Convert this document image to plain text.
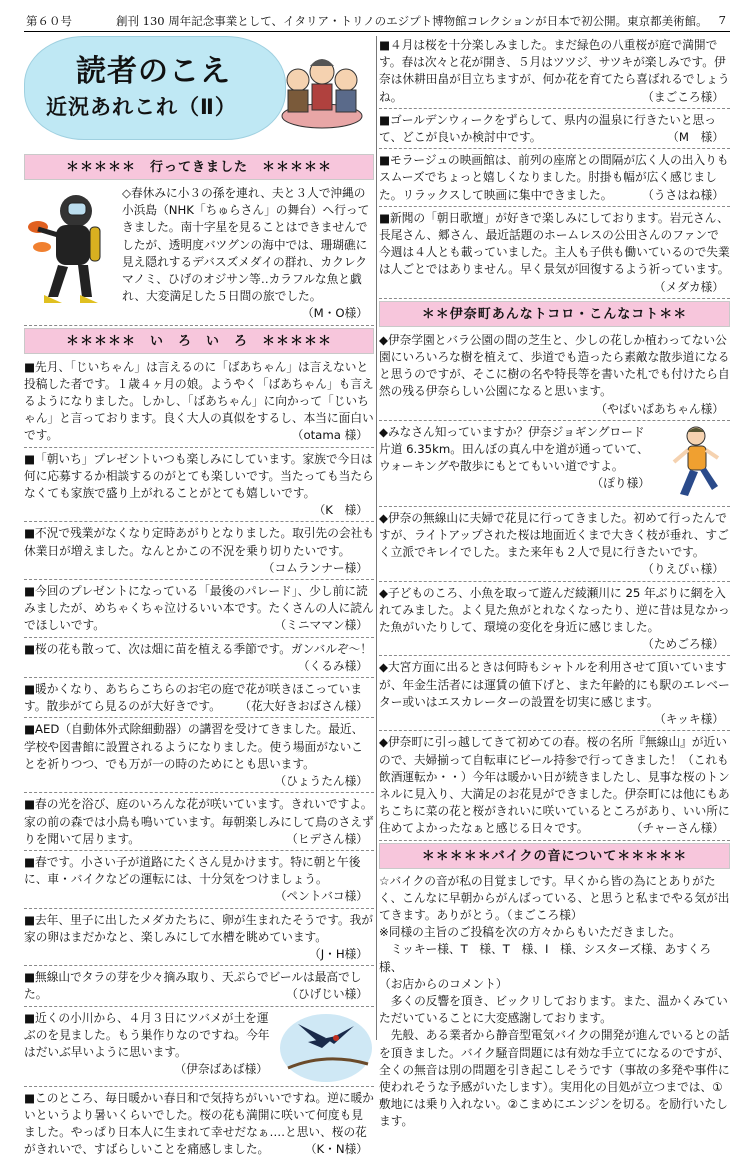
第６０号	創刊 130 周年記念事業として、イタリア・トリノのエジプト博物館コレクションが日本で初公開。東京都美術館。 7
読者のこえ
近況あれこれ（Ⅱ）
＊＊＊＊＊　行ってきました　＊＊＊＊＊
◇春休みに小３の孫を連れ、夫と３人で沖縄の小浜島（NHK「ちゅらさん」の舞台）へ行ってきました。南十字星を見ることはできませんでしたが、透明度バツグンの海中では、珊瑚礁に見え隠れするデバスズメダイの群れ、カクレクマノミ、ひげのオジサン等‥カラフルな魚と戯れ、大変満足した５日間の旅でした。
（M・O様）
＊＊＊＊＊　い　ろ　い　ろ　＊＊＊＊＊
■先月、「じいちゃん」は言えるのに「ばあちゃん」は言えないと投稿した者です。１歳４ヶ月の娘。ようやく「ばあちゃん」も言えるようになりました。しかし、「ばあちゃん」に向かって「じいちゃん」と言っております。良く大人の真似をするし、本当に面白いです。	（otama 様）
■「朝いち」プレゼントいつも楽しみにしています。家族で今日は何に応募するか相談するのがとても楽しいです。当たっても当たらなくても家族で盛り上がれることがとても嬉しいです。
（K　様）
■不況で残業がなくなり定時あがりとなりました。取引先の会社も休業日が増えました。なんとかこの不況を乗り切りたいです。
（コムランナー様）
■今回のプレゼントになっている「最後のパレード」、少し前に読みましたが、めちゃくちゃ泣けるいい本です。たくさんの人に読んでほしいです。	（ミニママン様）
■桜の花も散って、次は畑に苗を植える季節です。ガンバルぞ～！
（くるみ様）
■暖かくなり、あちらこちらのお宅の庭で花が咲きほこっています。散歩がてら見るのが大好きです。 （花大好きおばさん様）
■AED（自動体外式除細動器）の講習を受けてきました。最近、学校や図書館に設置されるようになりました。使う場面がないことを祈りつつ、でも万が一の時のためにとも思います。
（ひょうたん様）
■春の光を浴び、庭のいろんな花が咲いています。きれいですよ。家の前の森では小鳥も鳴いています。毎朝楽しみにして鳥のさえずりを聞いて居ります。	（ヒデさん様）
■春です。小さい子が道路にたくさん見かけます。特に朝と午後に、車・バイクなどの運転には、十分気をつけましょう。
（ペントバコ様）
■去年、里子に出したメダカたちに、卵が生まれたそうです。我が家の卵はまだかなと、楽しみにして水槽を眺めています。
（J・H様）
■無線山でタラの芽を少々摘み取り、天ぷらでビールは最高でした。	（ひげじい様）
■近くの小川から、４月３日にツバメが土を運ぶのを見ました。もう巣作りなのですね。今年はだいぶ早いように思います。
（伊奈ばあば様）
■このところ、毎日暖かい春日和で気持ちがいいですね。逆に暖かいというより暑いくらいでした。桜の花も満開に咲いて何度も見ました。やっぱり日本人に生まれて幸せだなぁ‥‥と思い、桜の花がきれいで、すばらしいことを痛感しました。	（K・N様）
■４月は桜を十分楽しみました。まだ緑色の八重桜が庭で満開です。春は次々と花が開き、５月はツツジ、サツキが楽しみです。伊奈は休耕田畠が目立ちますが、何か花を育てたら喜ばれるでしょうね。	（まごころ様）
■ゴールデンウィークをずらして、県内の温泉に行きたいと思って、どこが良いか検討中です。	（M　様）
■モラージュの映画館は、前列の座席との間隔が広く人の出入りもスムーズでちょっと嬉しくなりました。肘掛も幅が広く感じました。リラックスして映画に集中できました。	（うさはね様）
■新聞の「朝日歌壇」が好きで楽しみにしております。岩元さん、長尾さん、郷さん、最近話題のホームレスの公田さんのファンで今週は４人とも載っていました。主人も子供も働いているので失業は人ごとではありません。早く景気が回復するよう祈っています。
（メダカ様）
＊＊伊奈町あんなトコロ・こんなコト＊＊
◆伊奈学園とバラ公園の間の芝生と、少しの花しか植わってない公園にいろいろな樹を植えて、歩道でも造ったら素敵な散歩道になると思うのですが、そこに樹の名や特長等を書いた札でも付けたら自然の残る伊奈らしい公園になると思います。
（やばいばあちゃん様）
◆みなさん知っていますか？伊奈ジョギングロード片道 6.35km。田んぼの真ん中を道が通っていて、ウォーキングや散歩にもとてもいい道ですよ。
（ぽり様）
◆伊奈の無線山に夫婦で花見に行ってきました。初めて行ったんですが、ライトアップされた桜は地面近くまで大きく枝が垂れ、すごく立派でキレイでした。また来年も２人で見に行きたいです。
（りえぴぃ様）
◆子どものころ、小魚を取って遊んだ綾瀬川に 25 年ぶりに網を入れてみました。よく見た魚がとれなくなったり、逆に昔は見なかった魚がいたりして、環境の変化を身近に感じました。
（ためごろ様）
◆大宮方面に出るときは何時もシャトルを利用させて頂いていますが、年金生活者には運賃の値下げと、また年齢的にも駅のエレベーター或いはエスカレーターの設置を切実に感じます。
（キッキ様）
◆伊奈町に引っ越してきて初めての春。桜の名所『無線山』が近いので、夫婦揃って自転車にビール持参で行ってきました！（これも飲酒運転か・・）今年は暖かい日が続きましたし、見事な桜のトンネルに見入り、大満足のお花見ができました。伊奈町には他にもあちこちに菜の花と桜がきれいに咲いているところがあり、いい所に住めてよかったなぁと感じる日々です。	（チャーさん様）
＊＊＊＊＊バイクの音について＊＊＊＊＊
☆バイクの音が私の目覚ましです。早くから皆の為にとありがたく、こんなに早朝からがんばっている、と思うと私までやる気が出てきます。ありがとう。（まごころ様）
※同様の主旨のご投稿を次の方々からもいただきました。
ミッキー様、T　様、T　様、I　様、シスターズ様、あすくろ様、
（お店からのコメント）
多くの反響を頂き、ビックリしております。また、温かくみていただいていることに大変感謝しております。
先般、ある業者から静音型電気バイクの開発が進んでいるとの話を頂きました。バイク騒音問題には有効な手立てになるのですが、全くの無音は別の問題を引き起こしそうです（事故の多発や事件に使われそうな予感がいたします）。実用化の目処が立つまでは、①敷地には乗り入れない。②こまめにエンジンを切る。を励行いたします。
